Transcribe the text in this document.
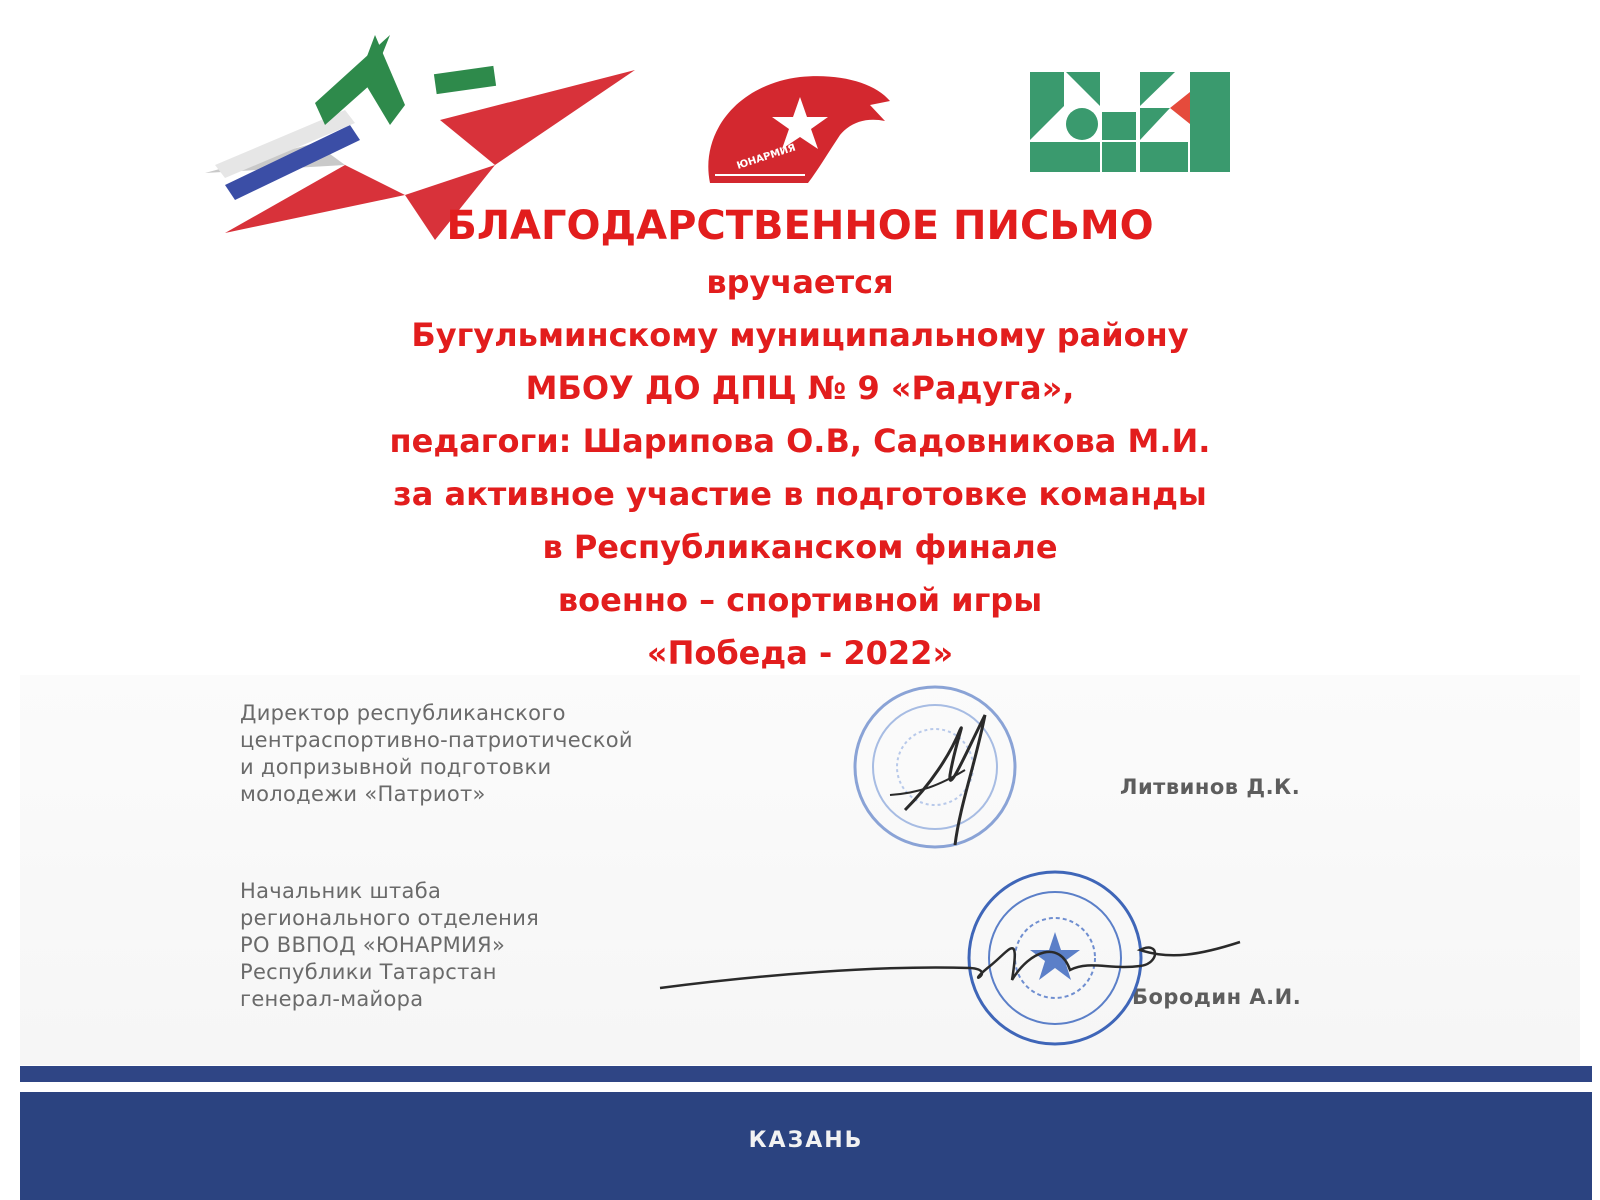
ЮНАРМИЯ
БЛАГОДАРСТВЕННОЕ ПИСЬМО
вручается
Бугульминскому муниципальному району
МБОУ ДО ДПЦ № 9 «Радуга»,
педагоги: Шарипова О.В, Садовникова М.И.
за активное участие в подготовке команды
в Республиканском финале
военно – спортивной игры
«Победа - 2022»
Директор республиканского
центраспортивно-патриотической
и допризывной подготовки
молодежи «Патриот»	Литвинов Д.К.
Начальник штаба
регионального отделения
РО ВВПОД «ЮНАРМИЯ»
Республики Татарстан
генерал-майора	Бородин А.И.
КАЗАНЬ
